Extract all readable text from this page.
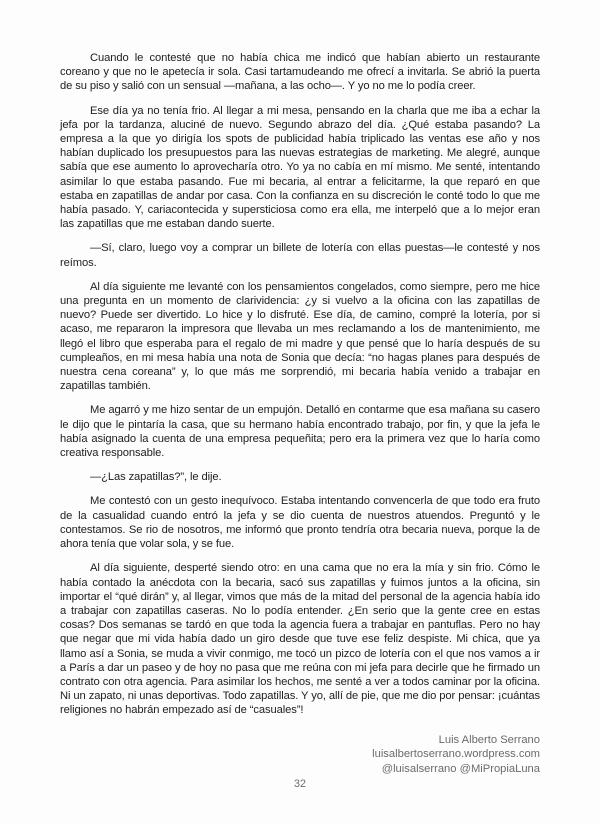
Cuando le contesté que no había chica me indicó que habían abierto un restaurante coreano y que no le apetecía ir sola. Casi tartamudeando me ofrecí a invitarla. Se abrió la puerta de su piso y salió con un sensual —mañana, a las ocho—. Y yo no me lo podía creer.

Ese día ya no tenía frio. Al llegar a mi mesa, pensando en la charla que me iba a echar la jefa por la tardanza, aluciné de nuevo. Segundo abrazo del día. ¿Qué estaba pasando? La empresa a la que yo dirigía los spots de publicidad había triplicado las ventas ese año y nos habían duplicado los presupuestos para las nuevas estrategias de marketing. Me alegré, aunque sabía que ese aumento lo aprovecharía otro. Yo ya no cabía en mí mismo. Me senté, intentando asimilar lo que estaba pasando. Fue mi becaria, al entrar a felicitarme, la que reparó en que estaba en zapatillas de andar por casa. Con la confianza en su discreción le conté todo lo que me había pasado. Y, cariacontecida y supersticiosa como era ella, me interpeló que a lo mejor eran las zapatillas que me estaban dando suerte.

—Sí, claro, luego voy a comprar un billete de lotería con ellas puestas—le contesté y nos reímos.

Al día siguiente me levanté con los pensamientos congelados, como siempre, pero me hice una pregunta en un momento de clarividencia: ¿y si vuelvo a la oficina con las zapatillas de nuevo? Puede ser divertido. Lo hice y lo disfruté. Ese día, de camino, compré la lotería, por si acaso, me repararon la impresora que llevaba un mes reclamando a los de mantenimiento, me llegó el libro que esperaba para el regalo de mi madre y que pensé que lo haría después de su cumpleaños, en mi mesa había una nota de Sonia que decía: “no hagas planes para después de nuestra cena coreana” y, lo que más me sorprendió, mi becaria había venido a trabajar en zapatillas también.

Me agarró y me hizo sentar de un empujón. Detalló en contarme que esa mañana su casero le dijo que le pintaría la casa, que su hermano había encontrado trabajo, por fin, y que la jefa le había asignado la cuenta de una empresa pequeñita; pero era la primera vez que lo haría como creativa responsable.

—¿Las zapatillas?”, le dije.

Me contestó con un gesto inequívoco. Estaba intentando convencerla de que todo era fruto de la casualidad cuando entró la jefa y se dio cuenta de nuestros atuendos. Preguntó y le contestamos. Se rio de nosotros, me informó que pronto tendría otra becaria nueva, porque la de ahora tenía que volar sola, y se fue.

Al día siguiente, desperté siendo otro: en una cama que no era la mía y sin frio. Cómo le había contado la anécdota con la becaria, sacó sus zapatillas y fuimos juntos a la oficina, sin importar el “qué dirán” y, al llegar, vimos que más de la mitad del personal de la agencia había ido a trabajar con zapatillas caseras. No lo podía entender. ¿En serio que la gente cree en estas cosas? Dos semanas se tardó en que toda la agencia fuera a trabajar en pantuflas. Pero no hay que negar que mi vida había dado un giro desde que tuve ese feliz despiste. Mi chica, que ya llamo así a Sonia, se muda a vivir conmigo, me tocó un pizco de lotería con el que nos vamos a ir a París a dar un paseo y de hoy no pasa que me reúna con mi jefa para decirle que he firmado un contrato con otra agencia. Para asimilar los hechos, me senté a ver a todos caminar por la oficina. Ni un zapato, ni unas deportivas. Todo zapatillas. Y yo, allí de pie, que me dio por pensar: ¡cuántas religiones no habrán empezado así de “casuales”!

Luis Alberto Serrano
luisalbertoserrano.wordpress.com
@luisalserrano @MiPropiaLuna
32
